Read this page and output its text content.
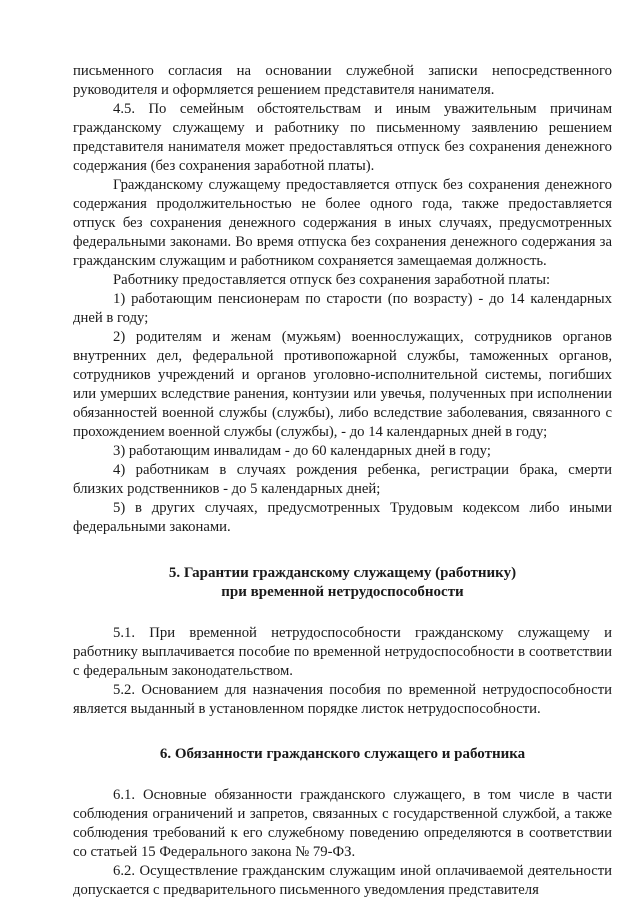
письменного согласия на основании служебной записки непосредственного руководителя и оформляется решением представителя нанимателя.

4.5. По семейным обстоятельствам и иным уважительным причинам гражданскому служащему и работнику по письменному заявлению решением представителя нанимателя может предоставляться отпуск без сохранения денежного содержания (без сохранения заработной платы).

Гражданскому служащему предоставляется отпуск без сохранения денежного содержания продолжительностью не более одного года, также предоставляется отпуск без сохранения денежного содержания в иных случаях, предусмотренных федеральными законами. Во время отпуска без сохранения денежного содержания за гражданским служащим и работником сохраняется замещаемая должность.

Работнику предоставляется отпуск без сохранения заработной платы:

1) работающим пенсионерам по старости (по возрасту) - до 14 календарных дней в году;

2) родителям и женам (мужьям) военнослужащих, сотрудников органов внутренних дел, федеральной противопожарной службы, таможенных органов, сотрудников учреждений и органов уголовно-исполнительной системы, погибших или умерших вследствие ранения, контузии или увечья, полученных при исполнении обязанностей военной службы (службы), либо вследствие заболевания, связанного с прохождением военной службы (службы), - до 14 календарных дней в году;

3) работающим инвалидам - до 60 календарных дней в году;

4) работникам в случаях рождения ребенка, регистрации брака, смерти близких родственников - до 5 календарных дней;

5) в других случаях, предусмотренных Трудовым кодексом либо иными федеральными законами.

5. Гарантии гражданскому служащему (работнику)
при временной нетрудоспособности

5.1. При временной нетрудоспособности гражданскому служащему и работнику выплачивается пособие по временной нетрудоспособности в соответствии с федеральным законодательством.

5.2. Основанием для назначения пособия по временной нетрудоспособности является выданный в установленном порядке листок нетрудоспособности.

6. Обязанности гражданского служащего и работника

6.1. Основные обязанности гражданского служащего, в том числе в части соблюдения ограничений и запретов, связанных с государственной службой, а также соблюдения требований к его служебному поведению определяются в соответствии со статьей 15 Федерального закона № 79-ФЗ.

6.2. Осуществление гражданским служащим иной оплачиваемой деятельности допускается с предварительного письменного уведомления представителя
